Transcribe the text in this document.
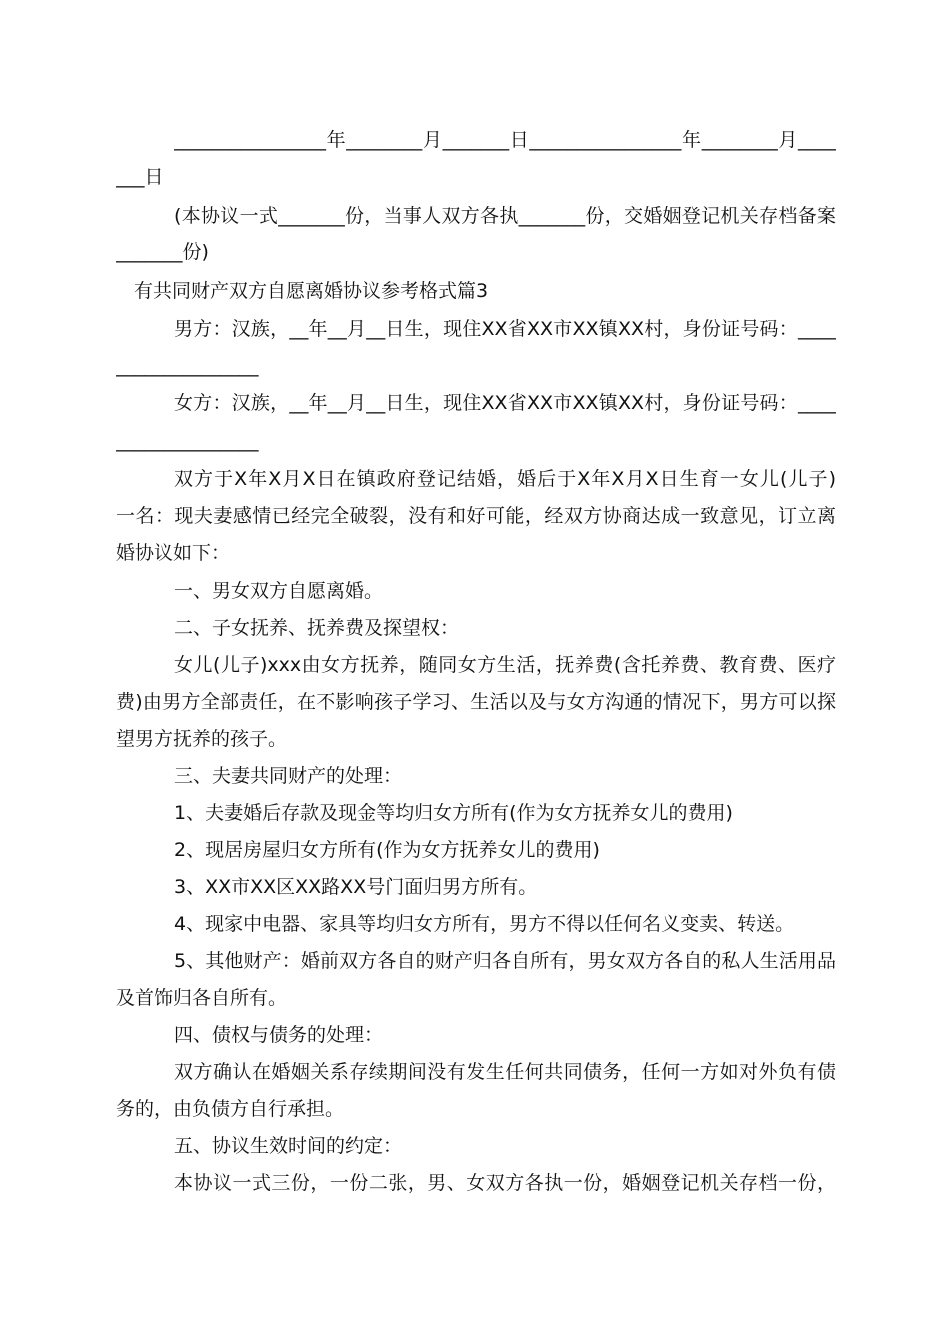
________________年________月_______日________________年________月____
___日
(本协议一式_______份，当事人双方各执_______份，交婚姻登记机关存档备案
_______份)
有共同财产双方自愿离婚协议参考格式篇3
男方：汉族，__年__月__日生，现住XX省XX市XX镇XX村，身份证号码：____
_______________
女方：汉族，__年__月__日生，现住XX省XX市XX镇XX村，身份证号码：____
_______________
双方于X年X月X日在镇政府登记结婚，婚后于X年X月X日生育一女儿(儿子)
一名：现夫妻感情已经完全破裂，没有和好可能，经双方协商达成一致意见，订立离
婚协议如下：
一、男女双方自愿离婚。
二、子女抚养、抚养费及探望权：
女儿(儿子)xxx由女方抚养，随同女方生活，抚养费(含托养费、教育费、医疗
费)由男方全部责任，在不影响孩子学习、生活以及与女方沟通的情况下，男方可以探
望男方抚养的孩子。
三、夫妻共同财产的处理：
1、夫妻婚后存款及现金等均归女方所有(作为女方抚养女儿的费用)
2、现居房屋归女方所有(作为女方抚养女儿的费用)
3、XX市XX区XX路XX号门面归男方所有。
4、现家中电器、家具等均归女方所有，男方不得以任何名义变卖、转送。
5、其他财产：婚前双方各自的财产归各自所有，男女双方各自的私人生活用品
及首饰归各自所有。
四、债权与债务的处理：
双方确认在婚姻关系存续期间没有发生任何共同债务，任何一方如对外负有债
务的，由负债方自行承担。
五、协议生效时间的约定：
本协议一式三份，一份二张，男、女双方各执一份，婚姻登记机关存档一份，
